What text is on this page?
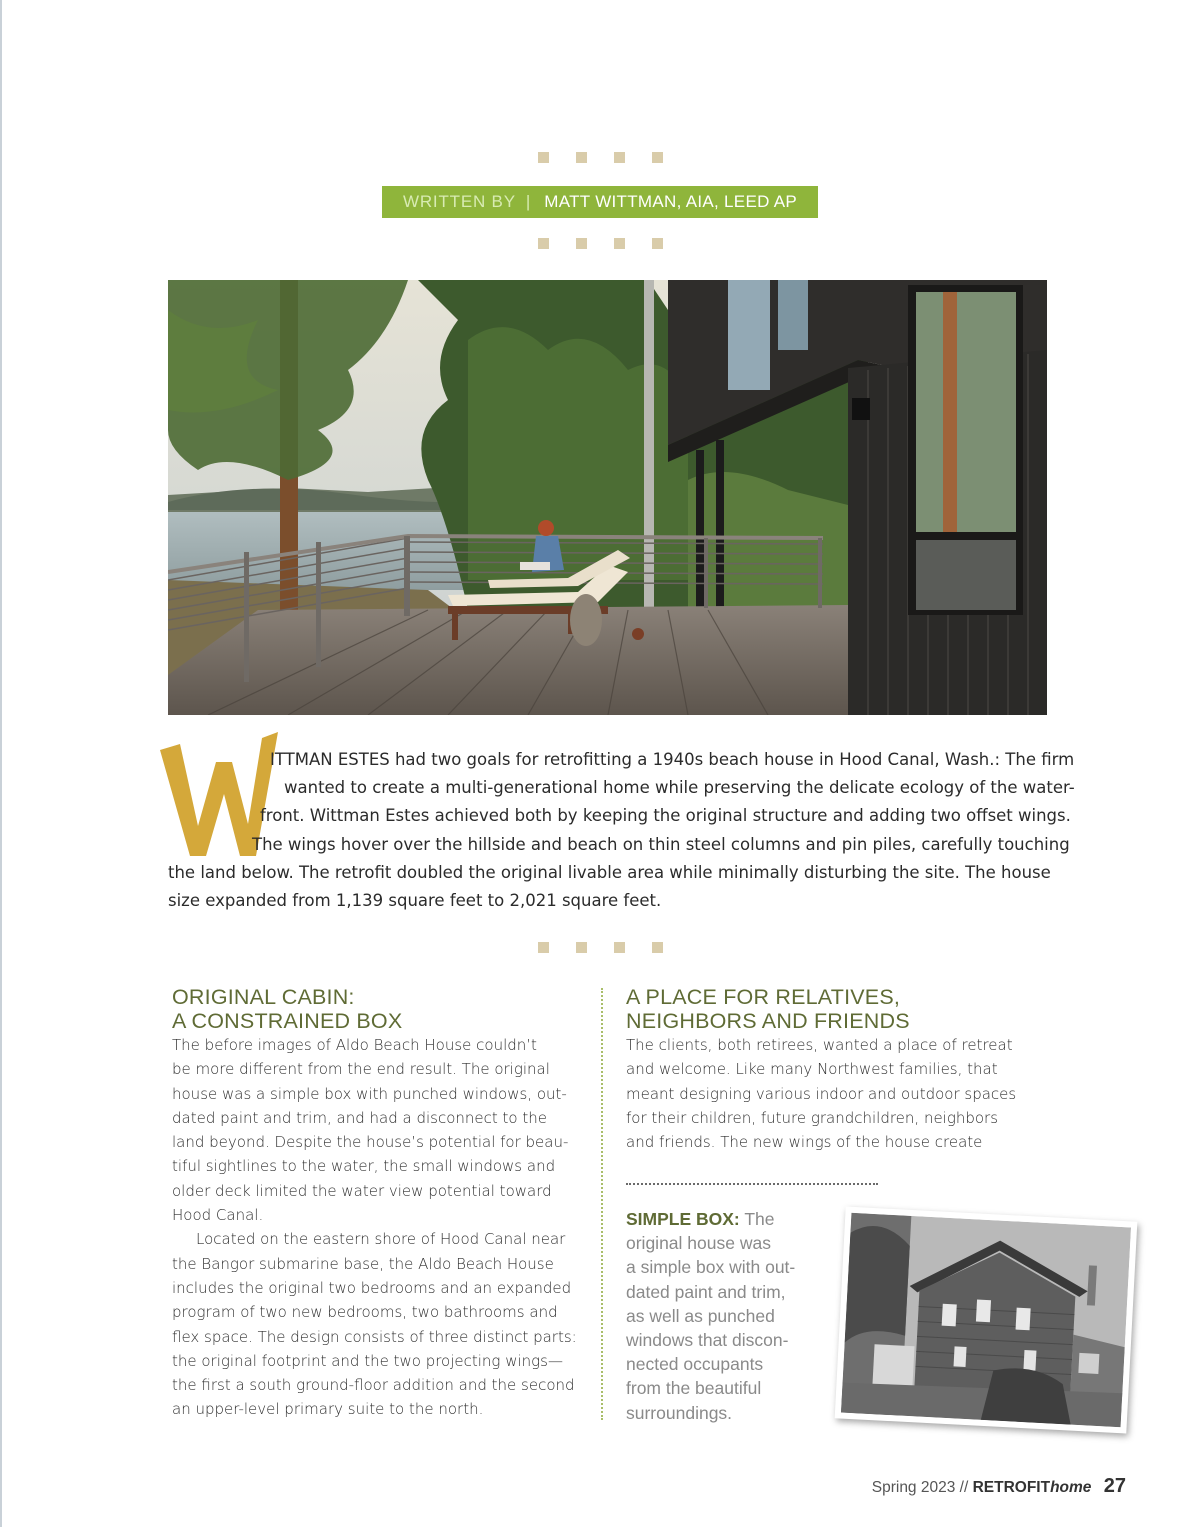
WRITTEN BY | MATT WITTMAN, AIA, LEED AP
W
ITTMAN ESTES had two goals for retrofitting a 1940s beach house in Hood Canal, Wash.: The firm
wanted to create a multi-generational home while preserving the delicate ecology of the water-
front. Wittman Estes achieved both by keeping the original structure and adding two offset wings.
The wings hover over the hillside and beach on thin steel columns and pin piles, carefully touching
the land below. The retrofit doubled the original livable area while minimally disturbing the site. The house
size expanded from 1,139 square feet to 2,021 square feet.
ORIGINAL CABIN:
A CONSTRAINED BOX
The before images of Aldo Beach House couldn’t
be more different from the end result. The original
house was a simple box with punched windows, out-
dated paint and trim, and had a disconnect to the
land beyond. Despite the house’s potential for beau-
tiful sightlines to the water, the small windows and
older deck limited the water view potential toward
Hood Canal.
Located on the eastern shore of Hood Canal near
the Bangor submarine base, the Aldo Beach House
includes the original two bedrooms and an expanded
program of two new bedrooms, two bathrooms and
flex space. The design consists of three distinct parts:
the original footprint and the two projecting wings—
the first a south ground-floor addition and the second
an upper-level primary suite to the north.
A PLACE FOR RELATIVES,
NEIGHBORS AND FRIENDS
The clients, both retirees, wanted a place of retreat
and welcome. Like many Northwest families, that
meant designing various indoor and outdoor spaces
for their children, future grandchildren, neighbors
and friends. The new wings of the house create
SIMPLE BOX: The
original house was
a simple box with out-
dated paint and trim,
as well as punched
windows that discon-
nected occupants
from the beautiful
surroundings.
Spring 2023 // RETROFIThome 27
